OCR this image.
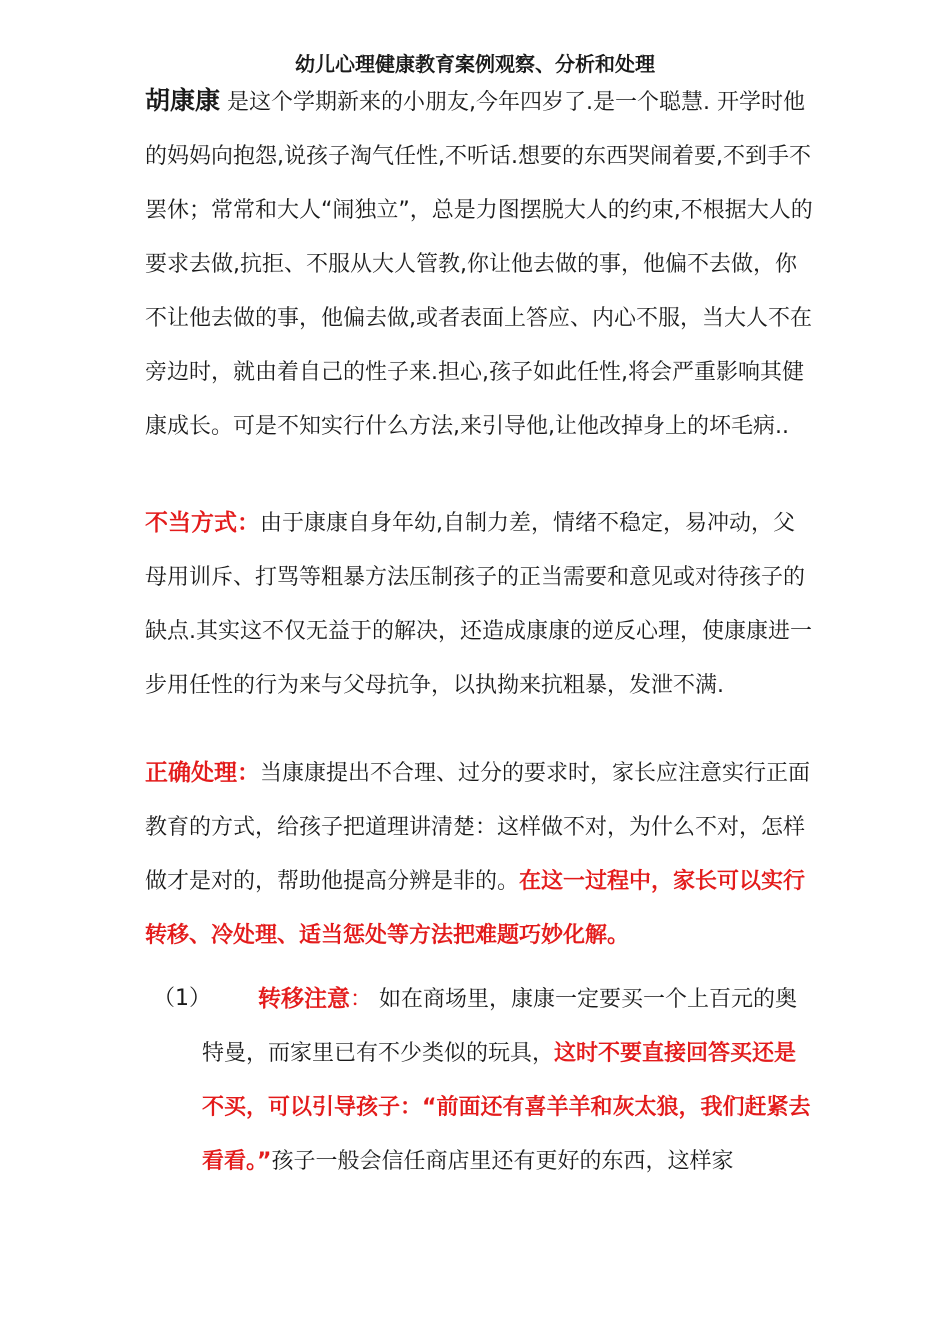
幼儿心理健康教育案例观察、分析和处理

胡康康 是这个学期新来的小朋友,今年四岁了.是一个聪慧. 开学时他的妈妈向抱怨,说孩子淘气任性,不听话.想要的东西哭闹着要,不到手不罢休；常常和大人“闹独立”，总是力图摆脱大人的约束,不根据大人的要求去做,抗拒、不服从大人管教,你让他去做的事，他偏不去做，你不让他去做的事，他偏去做,或者表面上答应、内心不服，当大人不在旁边时，就由着自己的性子来.担心,孩子如此任性,将会严重影响其健康成长。可是不知实行什么方法,来引导他,让他改掉身上的坏毛病..

不当方式：由于康康自身年幼,自制力差，情绪不稳定，易冲动，父母用训斥、打骂等粗暴方法压制孩子的正当需要和意见或对待孩子的缺点.其实这不仅无益于的解决，还造成康康的逆反心理，使康康进一步用任性的行为来与父母抗争，以执拗来抗粗暴，发泄不满.

正确处理：当康康提出不合理、过分的要求时，家长应注意实行正面教育的方式，给孩子把道理讲清楚：这样做不对，为什么不对，怎样做才是对的，帮助他提高分辨是非的。在这一过程中，家长可以实行转移、冷处理、适当惩处等方法把难题巧妙化解。

（1）	转移注意： 如在商场里，康康一定要买一个上百元的奥特曼，而家里已有不少类似的玩具，这时不要直接回答买还是不买，可以引导孩子：“前面还有喜羊羊和灰太狼，我们赶紧去看看。”孩子一般会信任商店里还有更好的东西，这样家
